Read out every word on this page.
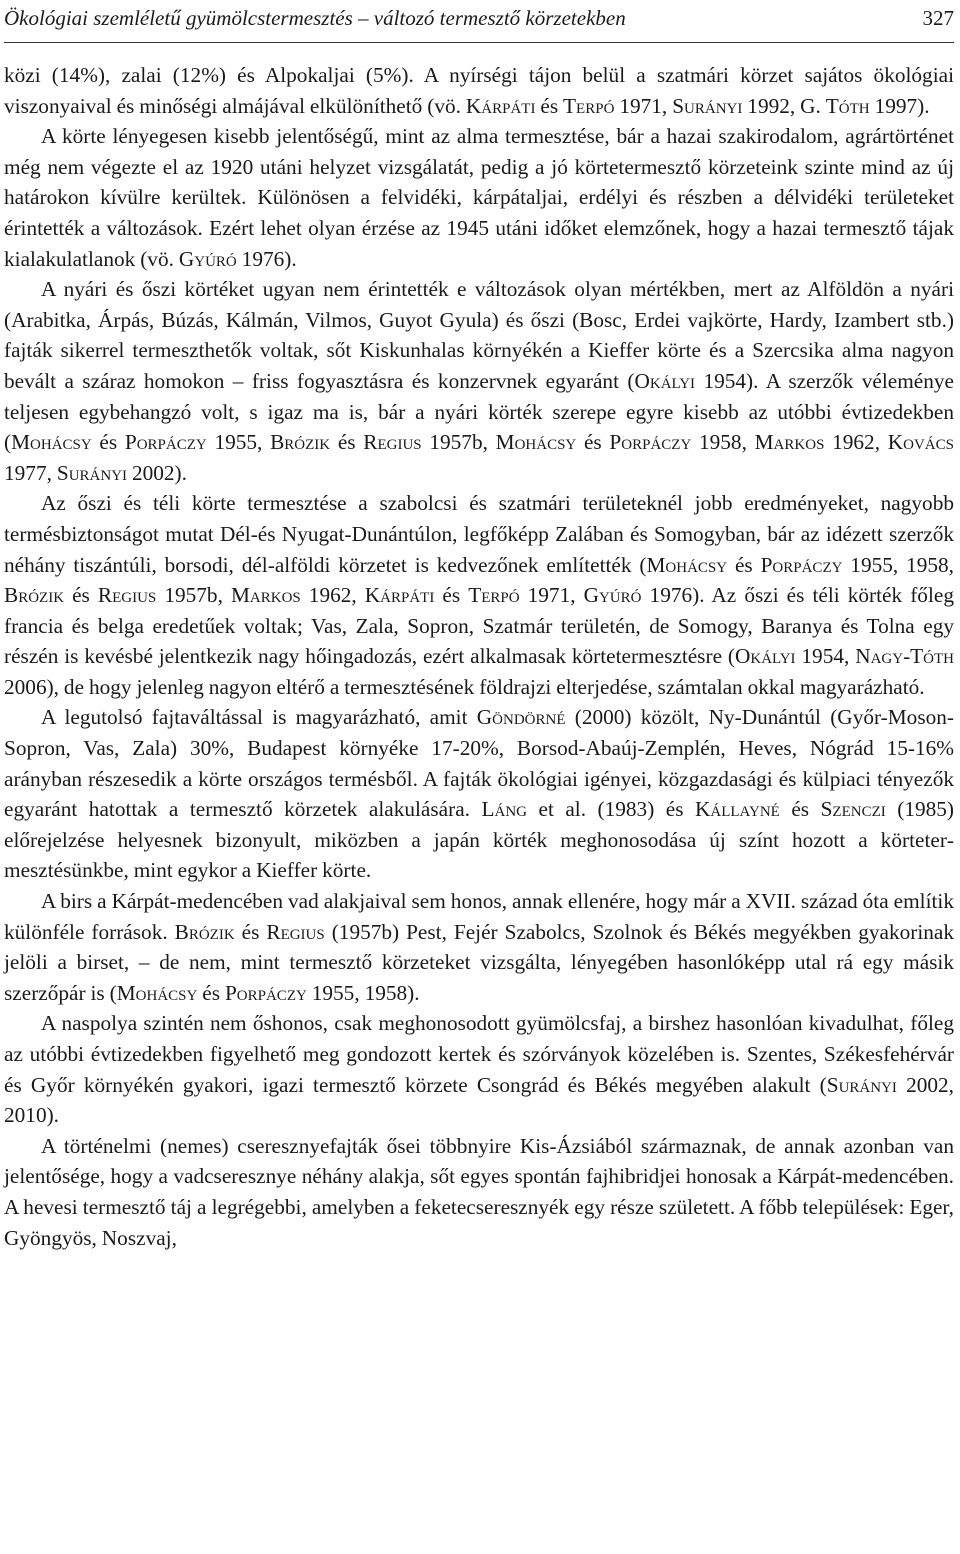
Ökológiai szemléletű gyümölcstermesztés – változó termesztő körzetekben	327

közi (14%), zalai (12%) és Alpokaljai (5%). A nyírségi tájon belül a szatmári körzet sajátos ökológiai viszonyaival és minőségi almájával elkülöníthető (vö. Kárpáti és Terpó 1971, Surányi 1992, G. Tóth 1997).

A körte lényegesen kisebb jelentőségű, mint az alma termesztése, bár a hazai szakirodalom, agrártörténet még nem végezte el az 1920 utáni helyzet vizsgálatát, pedig a jó körtetermesztő körzeteink szinte mind az új határokon kívülre kerültek. Különösen a felvidéki, kárpátaljai, erdélyi és részben a délvidéki területeket érintették a változások. Ezért lehet olyan érzése az 1945 utáni időket elemzőnek, hogy a hazai termesztő tájak kialakulatlanok (vö. Gyúró 1976).

A nyári és őszi körtéket ugyan nem érintették e változások olyan mértékben, mert az Alföldön a nyári (Arabitka, Árpás, Búzás, Kálmán, Vilmos, Guyot Gyula) és őszi (Bosc, Erdei vajkörte, Hardy, Izambert stb.) fajták sikerrel termeszthetők voltak, sőt Kiskunhalas környékén a Kieffer körte és a Szercsika alma nagyon bevált a száraz homokon – friss fogyasztásra és konzervnek egyaránt (Okályi 1954). A szerzők véleménye teljesen egybehangzó volt, s igaz ma is, bár a nyári körték szerepe egyre kisebb az utóbbi évtizedekben (Mohácsy és Porpáczy 1955, Brózik és Regius 1957b, Mohácsy és Porpáczy 1958, Markos 1962, Kovács 1977, Surányi 2002).

Az őszi és téli körte termesztése a szabolcsi és szatmári területeknél jobb eredményeket, nagyobb termésbiztonságot mutat Dél-és Nyugat-Dunántúlon, legfőképp Zalában és Somogyban, bár az idézett szerzők néhány tiszántúli, borsodi, dél-alföldi körzetet is kedvezőnek említették (Mohácsy és Porpáczy 1955, 1958, Brózik és Regius 1957b, Markos 1962, Kárpáti és Terpó 1971, Gyúró 1976). Az őszi és téli körték főleg francia és belga eredetűek voltak; Vas, Zala, Sopron, Szatmár területén, de Somogy, Baranya és Tolna egy részén is kevésbé jelentkezik nagy hőingadozás, ezért alkalmasak körtetermesztésre (Okályi 1954, Nagy-Tóth 2006), de hogy jelenleg nagyon eltérő a termesztésének földrajzi elterjedése, számtalan okkal magyarázható.

A legutolsó fajtaváltással is magyarázható, amit Göndörné (2000) közölt, Ny-Dunántúl (Győr-Moson-Sopron, Vas, Zala) 30%, Budapest környéke 17-20%, Borsod-Abaúj-Zemplén, Heves, Nógrád 15-16% arányban részesedik a körte országos termésből. A fajták ökológiai igényei, közgazdasági és külpiaci tényezők egyaránt hatottak a termesztő körzetek alakulására. Láng et al. (1983) és Kállayné és Szenczi (1985) előrejelzése helyesnek bizonyult, miközben a japán körték meghonosodása új színt hozott a körtetermesztésünkbe, mint egykor a Kieffer körte.

A birs a Kárpát-medencében vad alakjaival sem honos, annak ellenére, hogy már a XVII. század óta említik különféle források. Brózik és Regius (1957b) Pest, Fejér Szabolcs, Szolnok és Békés megyékben gyakorinak jelöli a birset, – de nem, mint termesztő körzeteket vizsgálta, lényegében hasonlóképp utal rá egy másik szerzőpár is (Mohácsy és Porpáczy 1955, 1958).

A naspolya szintén nem őshonos, csak meghonosodott gyümölcsfaj, a birshez hasonlóan kivadulhat, főleg az utóbbi évtizedekben figyelhető meg gondozott kertek és szórványok közelében is. Szentes, Székesfehérvár és Győr környékén gyakori, igazi termesztő körzete Csongrád és Békés megyében alakult (Surányi 2002, 2010).

A történelmi (nemes) cseresznyefajták ősei többnyire Kis-Ázsiából származnak, de annak azonban van jelentősége, hogy a vadcseresznye néhány alakja, sőt egyes spontán fajhibridjei honosak a Kárpát-medencében. A hevesi termesztő táj a legrégebbi, amelyben a feketecseresznyék egy része született. A főbb települések: Eger, Gyöngyös, Noszvaj,
